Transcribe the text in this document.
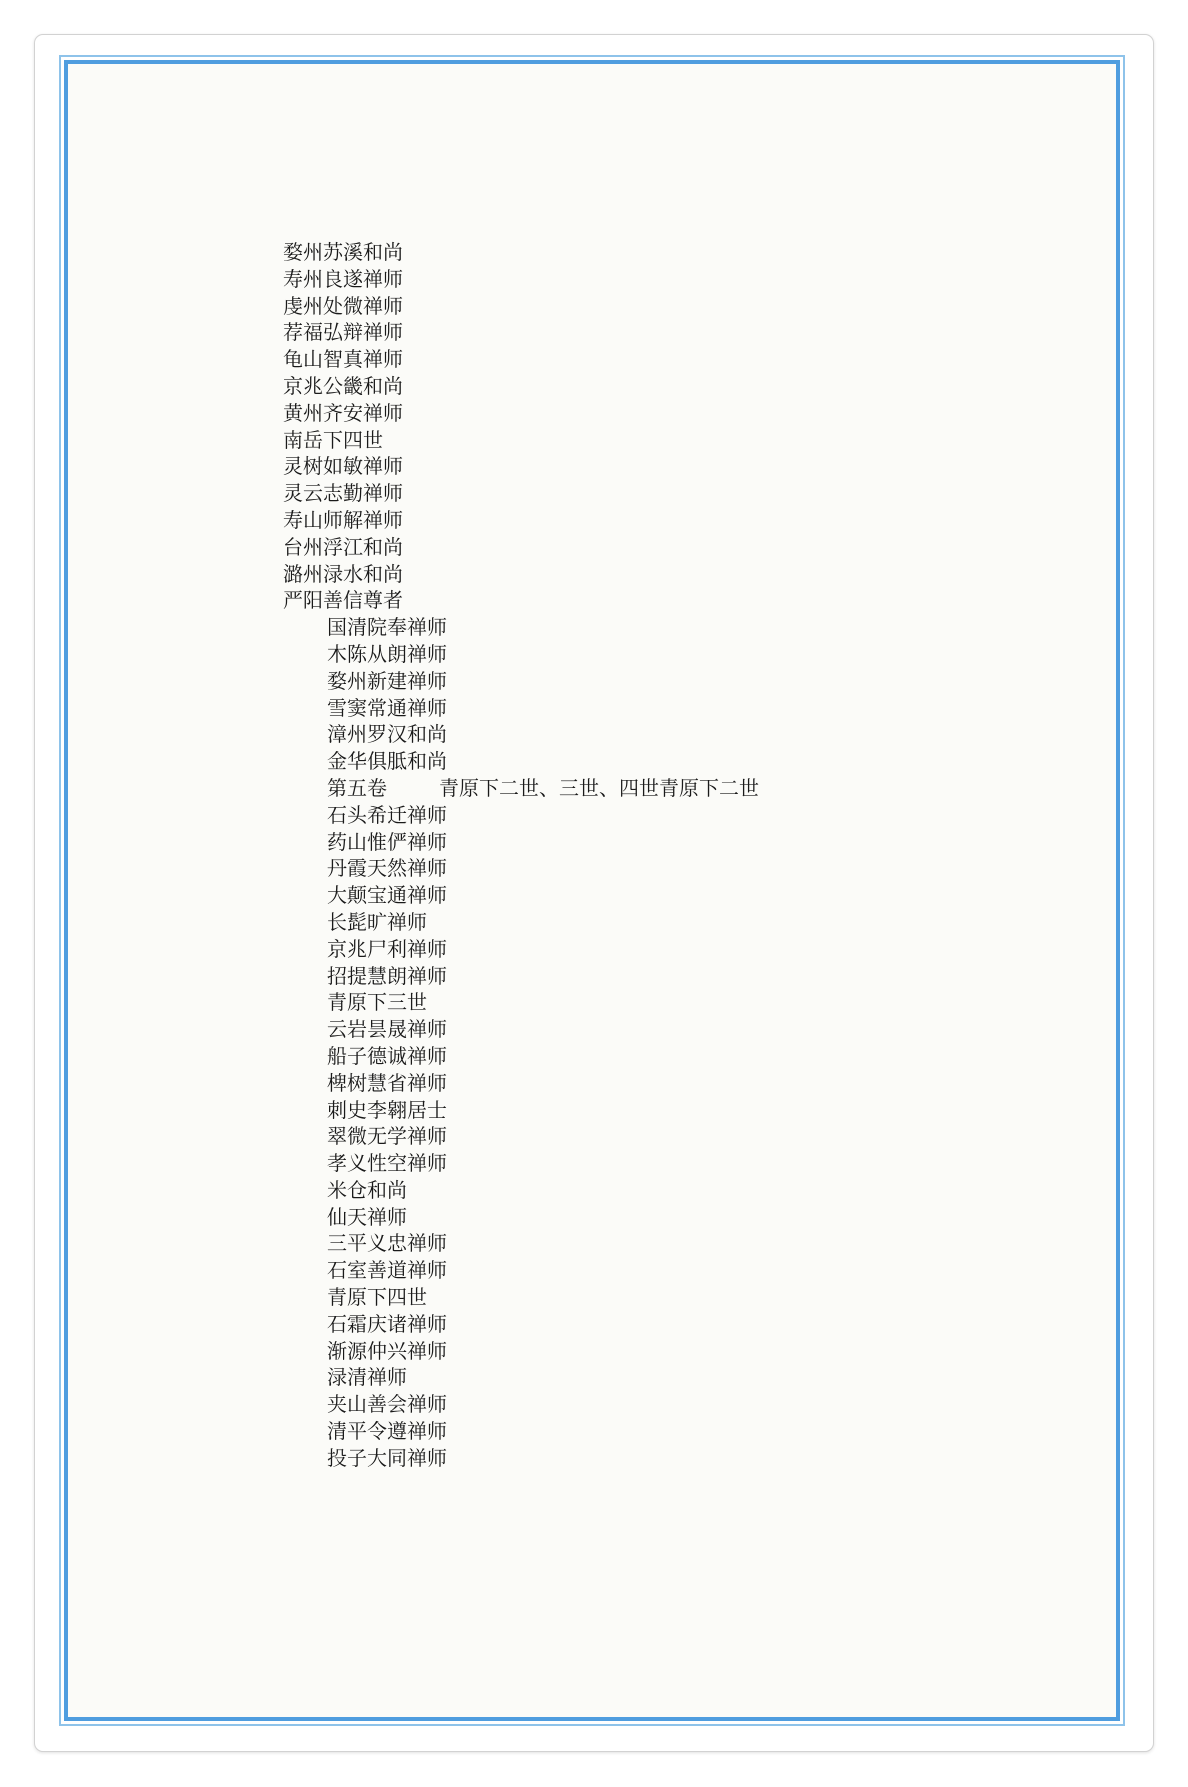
婺州苏溪和尚
寿州良遂禅师
虔州处微禅师
荐福弘辩禅师
龟山智真禅师
京兆公畿和尚
黄州齐安禅师
南岳下四世
灵树如敏禅师
灵云志勤禅师
寿山师解禅师
台州浮江和尚
潞州渌水和尚
严阳善信尊者
国清院奉禅师
木陈从朗禅师
婺州新建禅师
雪窦常通禅师
漳州罗汉和尚
金华俱胝和尚
第五卷	青原下二世、三世、四世青原下二世
石头希迁禅师
药山惟俨禅师
丹霞天然禅师
大颠宝通禅师
长髭旷禅师
京兆尸利禅师
招提慧朗禅师
青原下三世
云岩昙晟禅师
船子德诚禅师
椑树慧省禅师
刺史李翱居士
翠微无学禅师
孝义性空禅师
米仓和尚
仙天禅师
三平义忠禅师
石室善道禅师
青原下四世
石霜庆诸禅师
渐源仲兴禅师
渌清禅师
夹山善会禅师
清平令遵禅师
投子大同禅师
